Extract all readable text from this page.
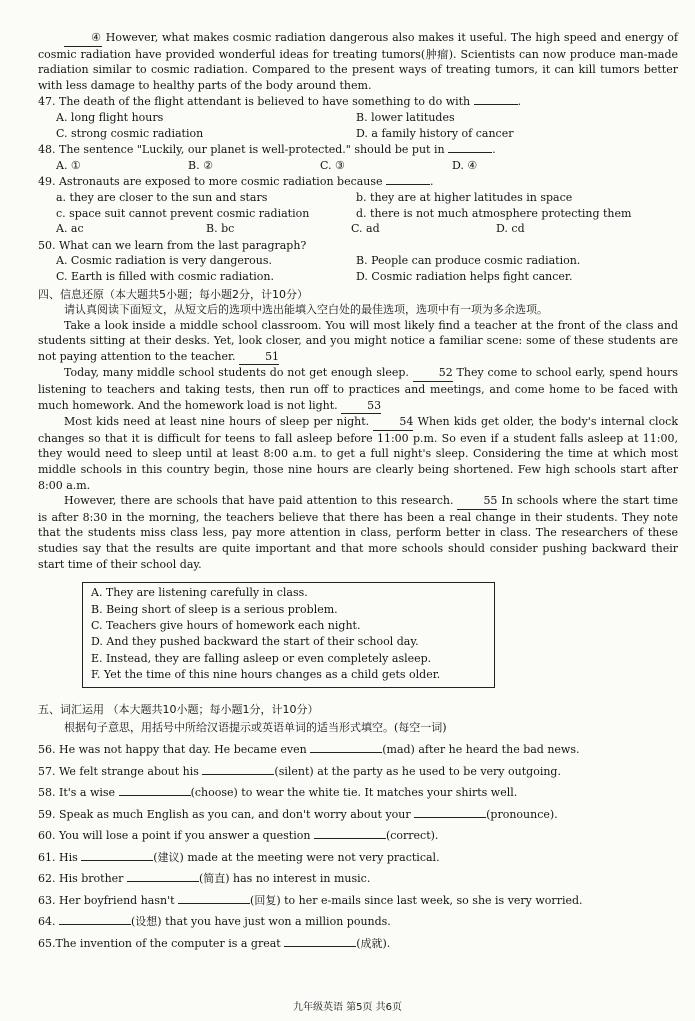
④ However, what makes cosmic radiation dangerous also makes it useful. The high speed and energy of cosmic radiation have provided wonderful ideas for treating tumors(肿瘤). Scientists can now produce man-made radiation similar to cosmic radiation. Compared to the present ways of treating tumors, it can kill tumors better with less damage to healthy parts of the body around them.

47. The death of the flight attendant is believed to have something to do with	.
A. long flight hours	B. lower latitudes
C. strong cosmic radiation	D. a family history of cancer
48. The sentence "Luckily, our planet is well-protected." should be put in	.
A. ①	B. ②	C. ③	D. ④
49. Astronauts are exposed to more cosmic radiation because	.
a. they are closer to the sun and stars	b. they are at higher latitudes in space
c. space suit cannot prevent cosmic radiation	d. there is not much atmosphere protecting them
A. ac	B. bc	C. ad	D. cd
50. What can we learn from the last paragraph?
A. Cosmic radiation is very dangerous.	B. People can produce cosmic radiation.
C. Earth is filled with cosmic radiation.	D. Cosmic radiation helps fight cancer.
四、信息还原（本大题共5小题；每小题2分，计10分）

请认真阅读下面短文，从短文后的选项中选出能填入空白处的最佳选项，选项中有一项为多余选项。

Take a look inside a middle school classroom. You will most likely find a teacher at the front of the class and students sitting at their desks. Yet, look closer, and you might notice a familiar scene: some of these students are not paying attention to the teacher.	51

Today, many middle school students do not get enough sleep.	52 They come to school early, spend hours listening to teachers and taking tests, then run off to practices and meetings, and come home to be faced with much homework. And the homework load is not light.	53

Most kids need at least nine hours of sleep per night.	54 When kids get older, the body's internal clock changes so that it is difficult for teens to fall asleep before 11:00 p.m. So even if a student falls asleep at 11:00, they would need to sleep until at least 8:00 a.m. to get a full night's sleep. Considering the time at which most middle schools in this country begin, those nine hours are clearly being shortened. Few high schools start after 8:00 a.m.

However, there are schools that have paid attention to this research.	55 In schools where the start time is after 8:30 in the morning, the teachers believe that there has been a real change in their students. They note that the students miss class less, pay more attention in class, perform better in class. The researchers of these studies say that the results are quite important and that more schools should consider pushing backward their start time of their school day.

A. They are listening carefully in class.
B. Being short of sleep is a serious problem.
C. Teachers give hours of homework each night.
D. And they pushed backward the start of their school day.
E. Instead, they are falling asleep or even completely asleep.
F. Yet the time of this nine hours changes as a child gets older.
五、词汇运用 （本大题共10小题；每小题1分，计10分）

根据句子意思，用括号中所给汉语提示或英语单词的适当形式填空。(每空一词)

56. He was not happy that day. He became even	(mad) after he heard the bad news.

57. We felt strange about his	(silent) at the party as he used to be very outgoing.

58. It's a wise	(choose) to wear the white tie. It matches your shirts well.

59. Speak as much English as you can, and don't worry about your	(pronounce).

60. You will lose a point if you answer a question	(correct).

61. His	(建议) made at the meeting were not very practical.

62. His brother	(简直) has no interest in music.

63. Her boyfriend hasn't	(回复) to her e-mails since last week, so she is very worried.

64.	(设想) that you have just won a million pounds.

65.The invention of the computer is a great	(成就).

九年级英语 第5页 共6页
